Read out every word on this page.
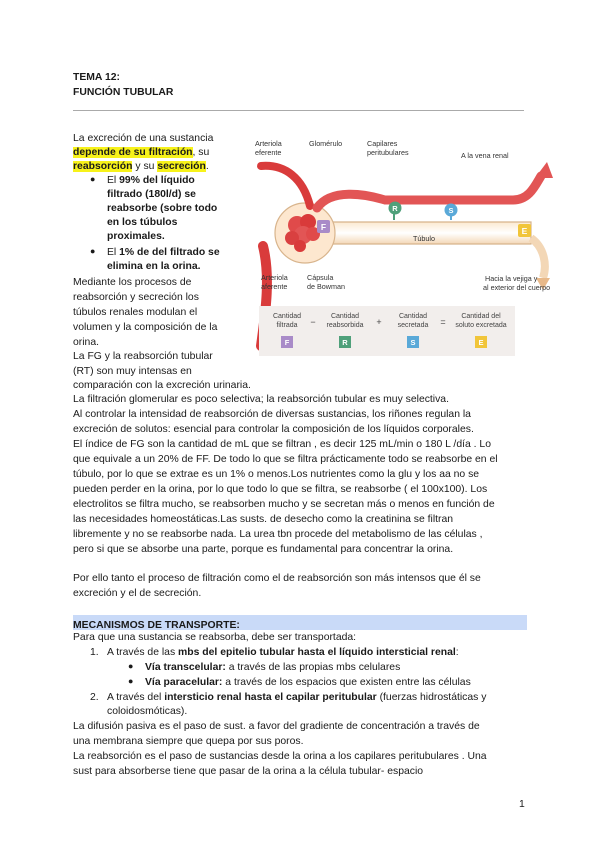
TEMA 12:
FUNCIÓN TUBULAR
La excreción de una sustancia
depende de su filtración, su
reabsorción y su secreción.
● El 99% del líquido
filtrado (180l/d) se
reabsorbe (sobre todo
en los túbulos
proximales.
● El 1% de del filtrado se
elimina en la orina.
Mediante los procesos de
reabsorción y secreción los
túbulos renales modulan el
volumen y la composición de la
orina.
La FG y la reabsorción tubular
(RT) son muy intensas en
comparación con la excreción urinaria.
La filtración glomerular es poco selectiva; la reabsorción tubular es muy selectiva.
Al controlar la intensidad de reabsorción de diversas sustancias, los riñones regulan la
excreción de solutos: esencial para controlar la composición de los líquidos corporales.
El índice de FG son la cantidad de mL que se filtran , es decir 125 mL/min o 180 L /día . Lo
que equivale a un 20% de FF. De todo lo que se filtra prácticamente todo se reabsorbe en el
túbulo, por lo que se extrae es un 1% o menos.Los nutrientes como la glu y los aa no se
pueden perder en la orina, por lo que todo lo que se filtra, se reabsorbe ( el 100x100). Los
electrolitos se filtra mucho, se reabsorben mucho y se secretan más o menos en función de
las necesidades homeostáticas.Las susts. de desecho como la creatinina se filtran
libremente y no se reabsorbe nada. La urea tbn procede del metabolismo de las células ,
pero si que se absorbe una parte, porque es fundamental para concentrar la orina.
Por ello tanto el proceso de filtración como el de reabsorción son más intensos que él se
excreción y el de secreción.
MECANISMOS DE TRANSPORTE:
Para que una sustancia se reabsorba, debe ser transportada:
1. A través de las mbs del epitelio tubular hasta el líquido intersticial renal:
● Vía transcelular: a través de las propias mbs celulares
● Vía paracelular: a través de los espacios que existen entre las células
2. A través del intersticio renal hasta el capilar peritubular (fuerzas hidrostáticas y
coloidosmóticas).
La difusión pasiva es el paso de sust. a favor del gradiente de concentración a través de
una membrana siempre que quepa por sus poros.
La reabsorción es el paso de sustancias desde la orina a los capilares peritubulares . Una
sust para absorberse tiene que pasar de la orina a la célula tubular- espacio
1
F
R	S
E
Arteriola
eferente
Glomérulo	Capilares
peritubulares	A la vena renal
Túbulo
Arteriola
aferente
Cápsula
de Bowman
Hacia la vejiga y
al exterior del cuerpo
Cantidad
filtrada
F
−
Cantidad
reabsorbida
R
+
Cantidad
secretada
S
=
Cantidad del
soluto excretada
E
